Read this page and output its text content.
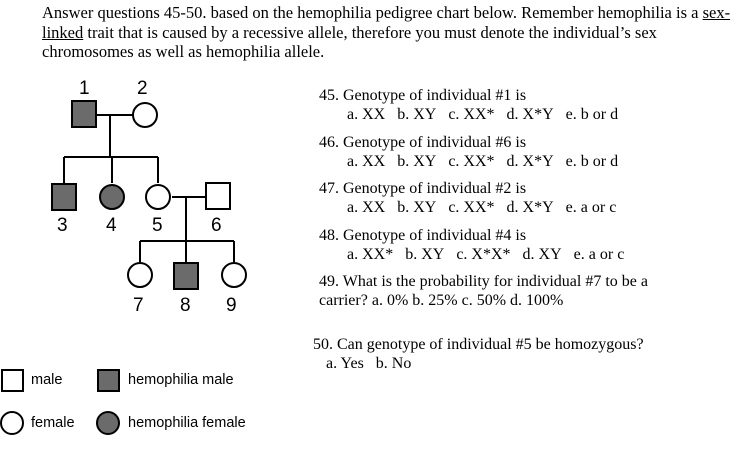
Answer questions 45-50. based on the hemophilia pedigree chart below. Remember hemophilia is a sex-linked trait that is caused by a recessive allele, therefore you must denote the individual’s sex chromosomes as well as hemophilia allele.
1 2
3 4 5	6
7 8 9
male	hemophilia male
female	hemophilia female
45. Genotype of individual #1 is
a. XX b. XY c. XX* d. X*Y e. b or d
46. Genotype of individual #6 is
a. XX b. XY c. XX* d. X*Y e. b or d
47. Genotype of individual #2 is
a. XX b. XY c. XX* d. X*Y e. a or c
48. Genotype of individual #4 is
a. XX* b. XY c. X*X* d. XY e. a or c
49. What is the probability for individual #7 to be a
carrier? a. 0% b. 25% c. 50% d. 100%
50. Can genotype of individual #5 be homozygous?
a. Yes b. No
